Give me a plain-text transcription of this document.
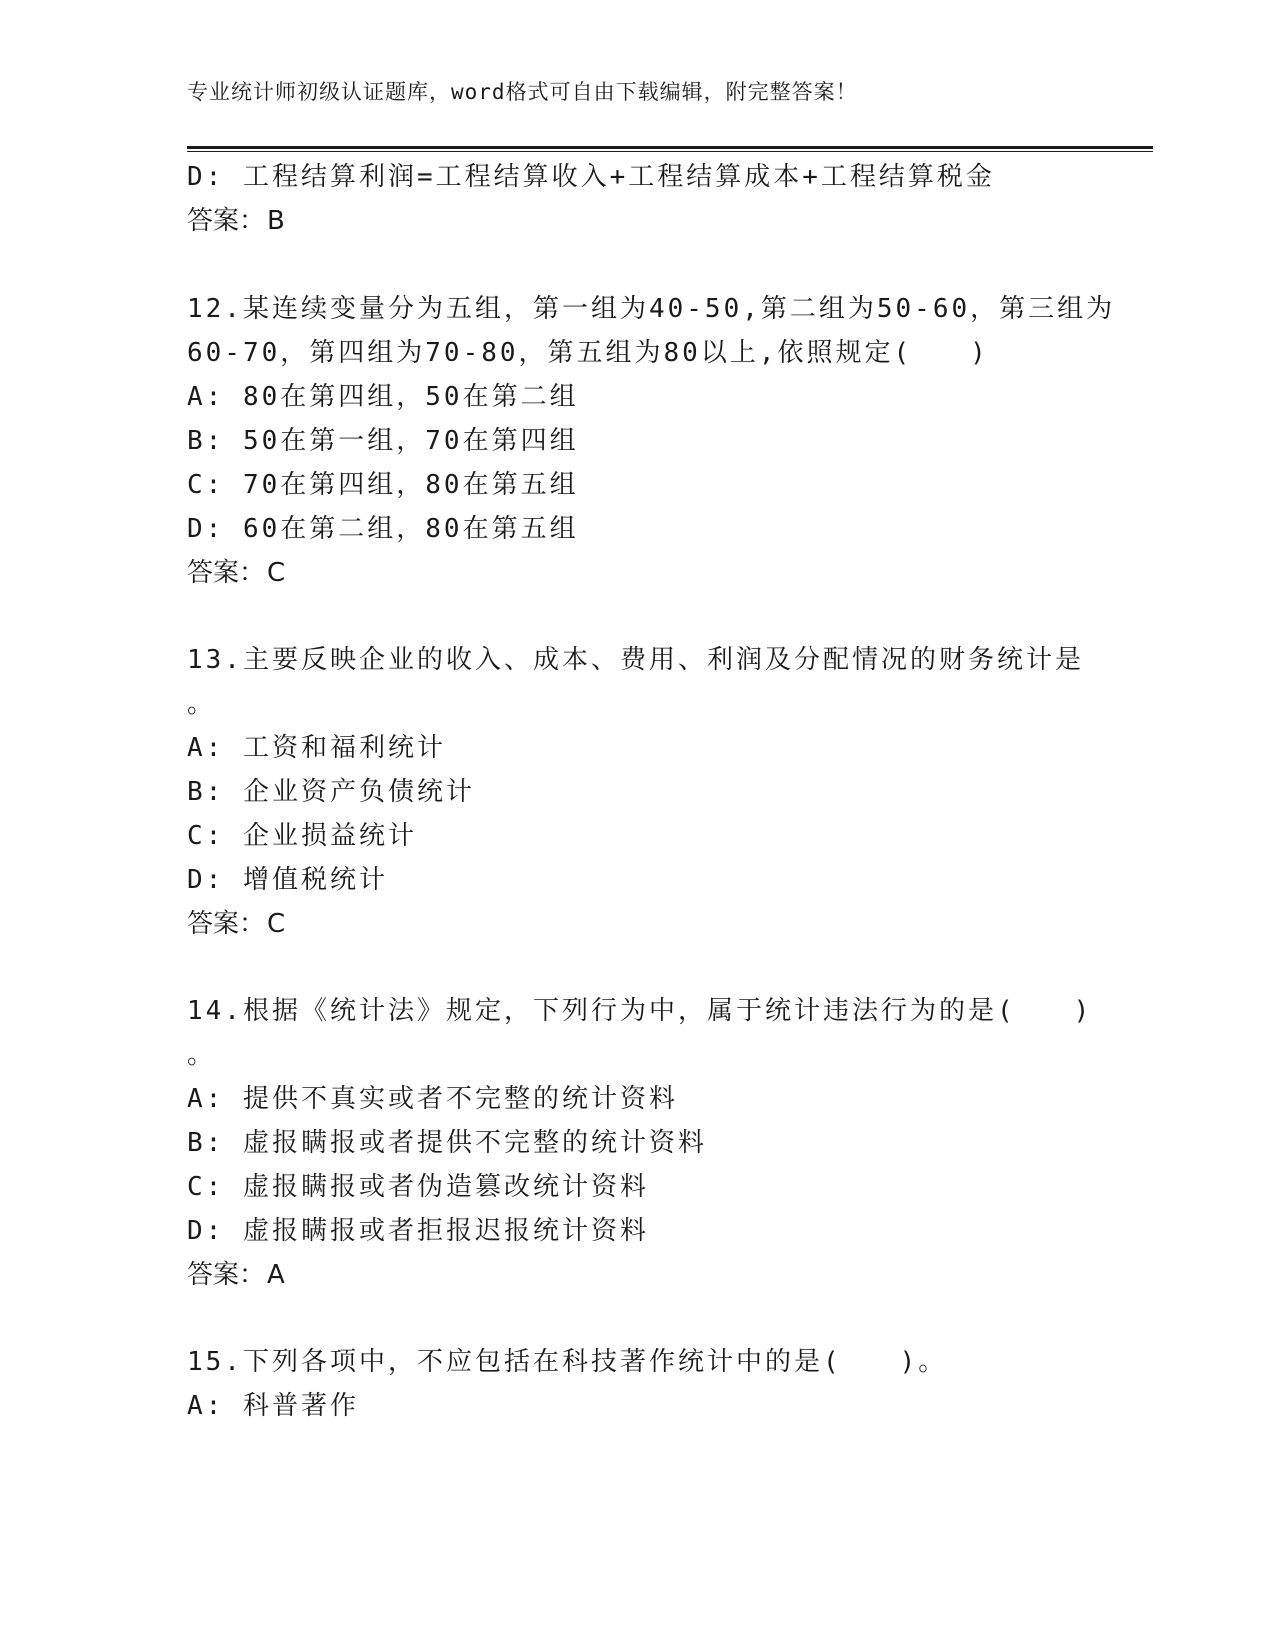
专业统计师初级认证题库，word格式可自由下载编辑，附完整答案！
D: 工程结算利润=工程结算收入+工程结算成本+工程结算税金
答案：B
12.某连续变量分为五组，第一组为40-50,第二组为50-60，第三组为
60-70，第四组为70-80，第五组为80以上,依照规定(　　)
A: 80在第四组，50在第二组
B: 50在第一组，70在第四组
C: 70在第四组，80在第五组
D: 60在第二组，80在第五组
答案：C
13.主要反映企业的收入、成本、费用、利润及分配情况的财务统计是
。
A: 工资和福利统计
B: 企业资产负债统计
C: 企业损益统计
D: 增值税统计
答案：C
14.根据《统计法》规定，下列行为中，属于统计违法行为的是(　　)
。
A: 提供不真实或者不完整的统计资料
B: 虚报瞒报或者提供不完整的统计资料
C: 虚报瞒报或者伪造篡改统计资料
D: 虚报瞒报或者拒报迟报统计资料
答案：A
15.下列各项中，不应包括在科技著作统计中的是(　　)。
A: 科普著作
